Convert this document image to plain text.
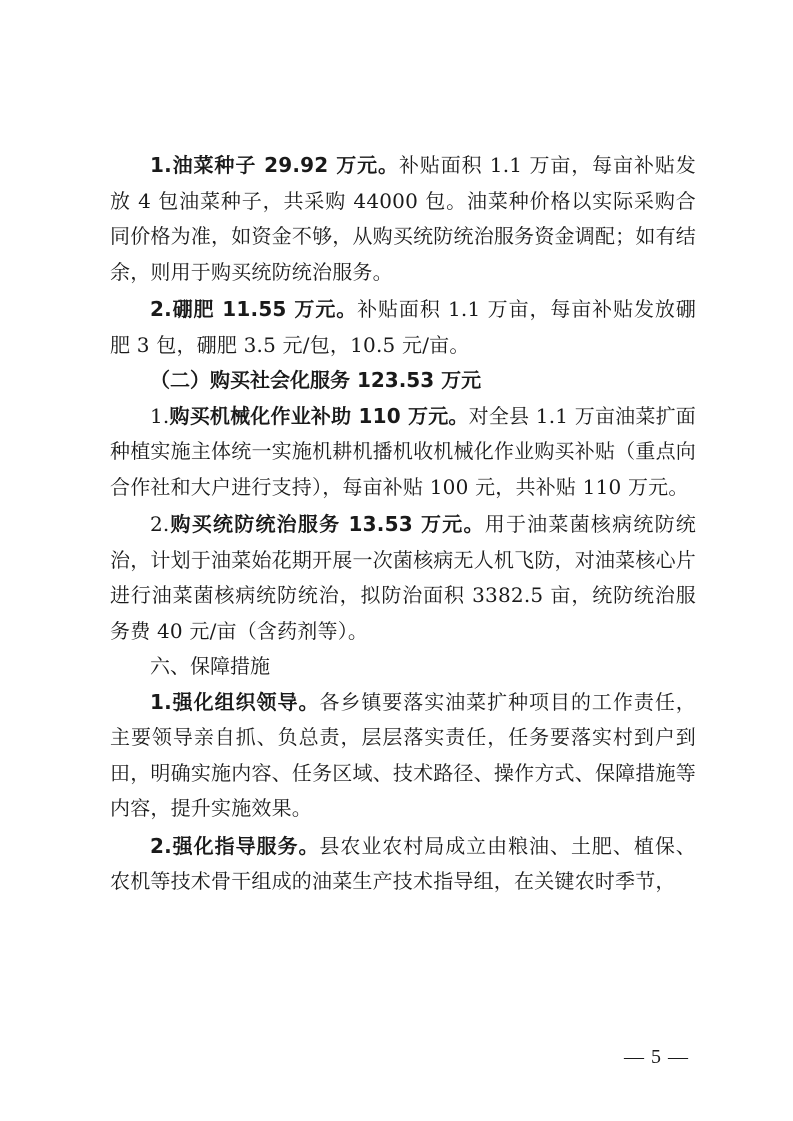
1.油菜种子 29.92 万元。补贴面积 1.1 万亩，每亩补贴发放 4 包油菜种子，共采购 44000 包。油菜种价格以实际采购合同价格为准，如资金不够，从购买统防统治服务资金调配；如有结余，则用于购买统防统治服务。

2.硼肥 11.55 万元。补贴面积 1.1 万亩，每亩补贴发放硼肥 3 包，硼肥 3.5 元/包，10.5 元/亩。

（二）购买社会化服务 123.53 万元

1.购买机械化作业补助 110 万元。对全县 1.1 万亩油菜扩面种植实施主体统一实施机耕机播机收机械化作业购买补贴（重点向合作社和大户进行支持），每亩补贴 100 元，共补贴 110 万元。

2.购买统防统治服务 13.53 万元。用于油菜菌核病统防统治，计划于油菜始花期开展一次菌核病无人机飞防，对油菜核心片进行油菜菌核病统防统治，拟防治面积 3382.5 亩，统防统治服务费 40 元/亩（含药剂等）。

六、保障措施

1.强化组织领导。各乡镇要落实油菜扩种项目的工作责任，主要领导亲自抓、负总责，层层落实责任，任务要落实村到户到田，明确实施内容、任务区域、技术路径、操作方式、保障措施等内容，提升实施效果。

2.强化指导服务。县农业农村局成立由粮油、土肥、植保、农机等技术骨干组成的油菜生产技术指导组，在关键农时季节，

— 5 —
